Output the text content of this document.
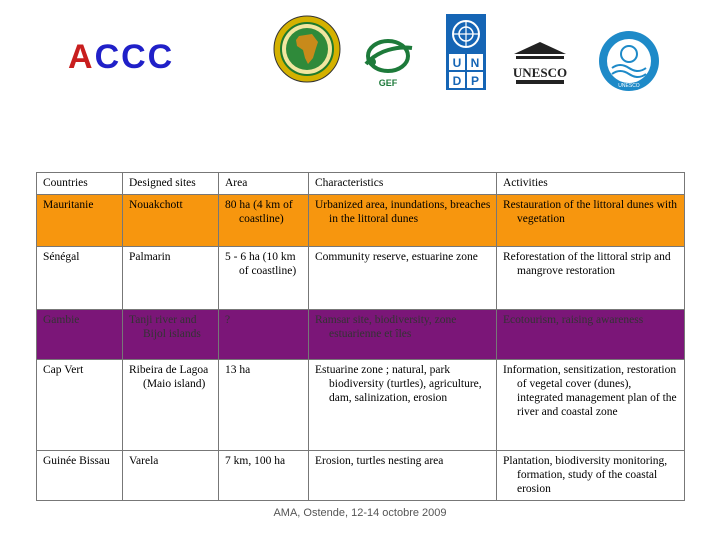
ACCC
GEF
U N
D P
UNESCO
UNESCO
Countries	Designed sites	Area	Characteristics	Activities

Mauritanie	Nouakchott	80 ha (4 km of coastline)	Urbanized area, inundations, breaches in the littoral dunes	Restauration of the littoral dunes with vegetation

Sénégal	Palmarin	5 - 6 ha (10 km of coastline)	Community reserve, estuarine zone	Reforestation of the littoral strip and mangrove restoration

Gambie	Tanji river and Bijol islands	?	Ramsar site, biodiversity, zone estuarienne et îles	Ecotourism, raising awareness

Cap Vert	Ribeira de Lagoa (Maio island)	13 ha	Estuarine zone ; natural, park biodiversity (turtles), agriculture, dam, salinization, erosion	Information, sensitization, restoration of vegetal cover (dunes), integrated management plan of the river and coastal zone

Guinée Bissau	Varela	7 km, 100 ha	Erosion, turtles nesting area	Plantation, biodiversity monitoring, formation, study of the coastal erosion
AMA, Ostende, 12-14 octobre 2009
